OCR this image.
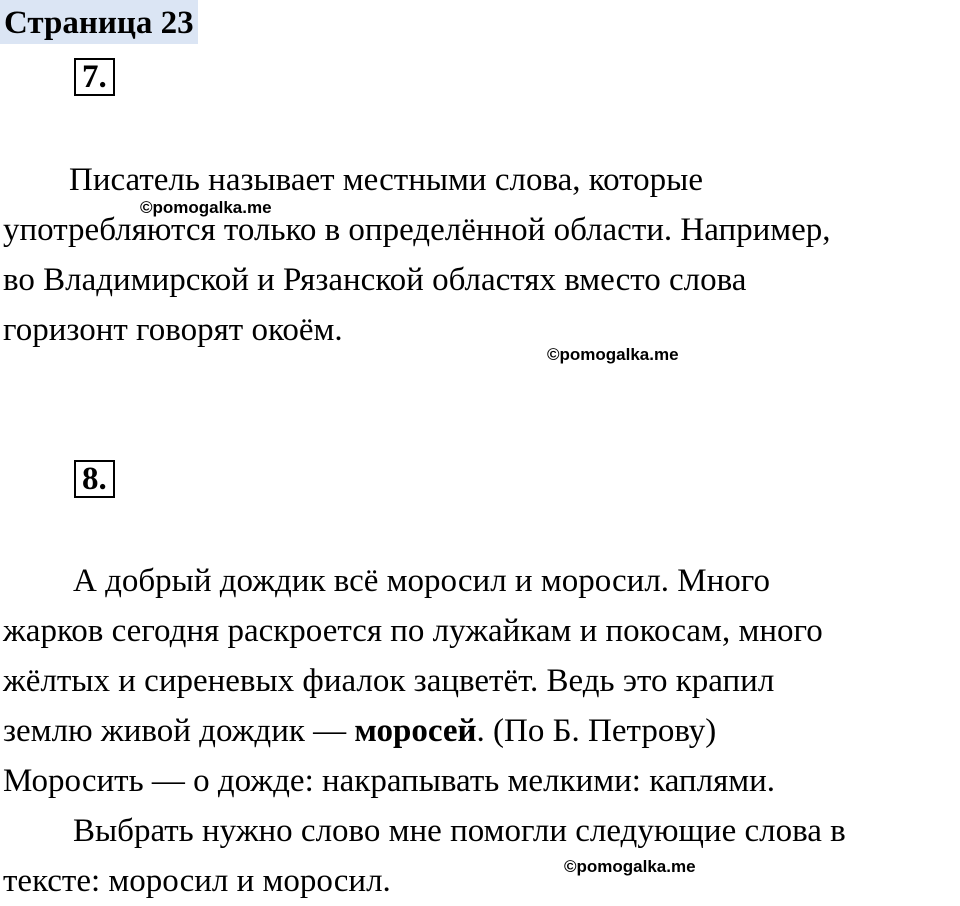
Страница 23
7.
Писатель называет местными слова, которые
употребляются только в определённой области. Например,
во Владимирской и Рязанской областях вместо слова
горизонт говорят окоём.
8.
А добрый дождик всё моросил и моросил. Много
жарков сегодня раскроется по лужайкам и покосам, много
жёлтых и сиреневых фиалок зацветёт. Ведь это крапил
землю живой дождик — моросей. (По Б. Петрову)
Моросить — о дожде: накрапывать мелкими: каплями.
Выбрать нужно слово мне помогли следующие слова в
тексте: моросил и моросил.
©pomogalka.me
©pomogalka.me
©pomogalka.me
